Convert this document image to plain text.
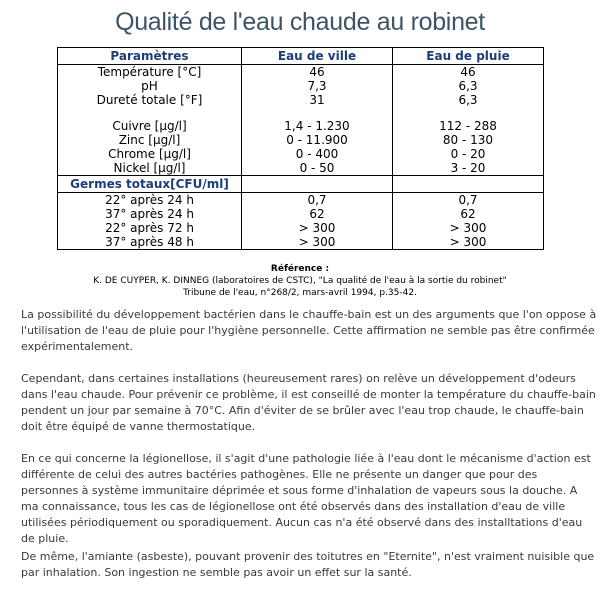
Qualité de l'eau chaude au robinet
Paramètres	Eau de ville	Eau de pluie
Température [°C]	46	46
pH	7,3	6,3
Dureté totale [°F]	31	6,3

Cuivre [µg/l]	1,4 - 1.230	112 - 288
Zinc [µg/l]	0 - 11.900	80 - 130
Chrome [µg/l]	0 - 400	0 - 20
Nickel [µg/l]	0 - 50	3 - 20
Germes totaux[CFU/ml]		
22° après 24 h	0,7	0,7
37° après 24 h	62	62
22° après 72 h	> 300	> 300
37° après 48 h	> 300	> 300
Référence :
K. DE CUYPER, K. DINNEG (laboratoires de CSTC), "La qualité de l'eau à la sortie du robinet"
Tribune de l'eau, n°268/2, mars-avril 1994, p.35-42.
La possibilité du développement bactérien dans le chauffe-bain est un des arguments que l'on oppose à l'utilisation de l'eau de pluie pour l'hygiène personnelle. Cette affirmation ne semble pas être confirmée expérimentalement.
Cependant, dans certaines installations (heureusement rares) on relève un développement d'odeurs dans l'eau chaude. Pour prévenir ce problème, il est conseillé de monter la température du chauffe-bain pendent un jour par semaine à 70°C. Afin d'éviter de se brûler avec l'eau trop chaude, le chauffe-bain doit être équipé de vanne thermostatique.
En ce qui concerne la légionellose, il s'agit d'une pathologie liée à l'eau dont le mécanisme d'action est différente de celui des autres bactéries pathogènes. Elle ne présente un danger que pour des personnes à système immunitaire déprimée et sous forme d'inhalation de vapeurs sous la douche. A ma connaissance, tous les cas de légionellose ont été observés dans des installation d'eau de ville utilisées périodiquement ou sporadiquement. Aucun cas n'a été observé dans des installtations d'eau de pluie.
De même, l'amiante (asbeste), pouvant provenir des toitutres en "Eternite", n'est vraiment nuisible que par inhalation. Son ingestion ne semble pas avoir un effet sur la santé.
